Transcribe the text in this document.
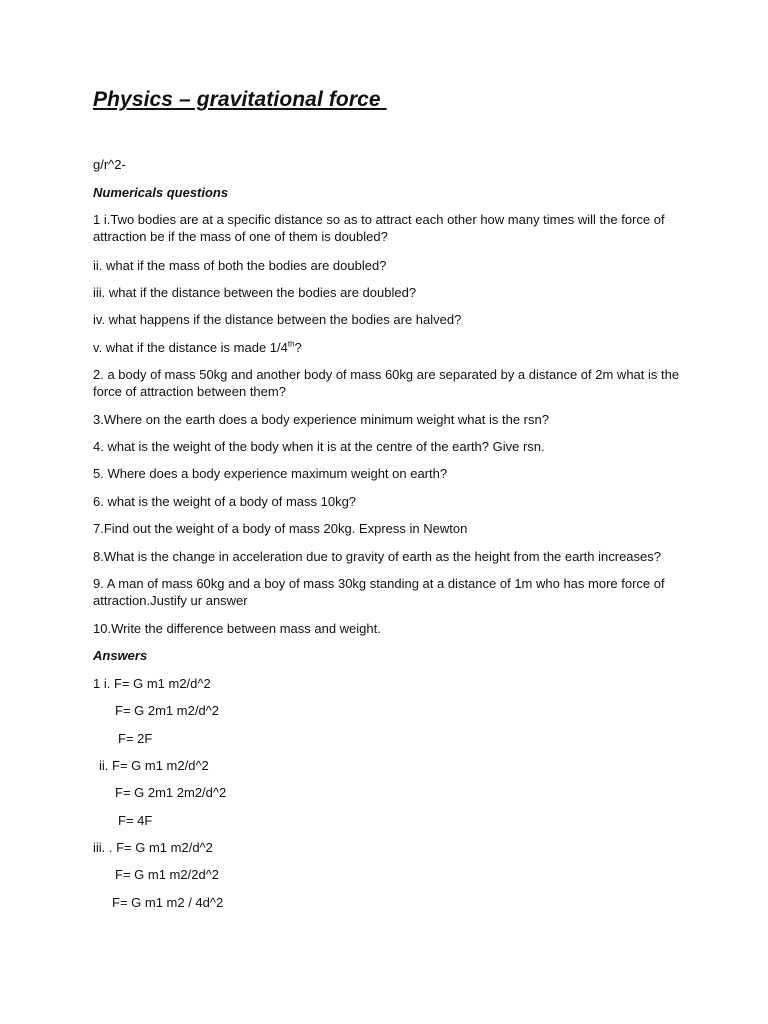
Physics – gravitational force
g/r^2-
Numericals questions
1 i.Two bodies are at a specific distance so as to attract each other how many times will the force of attraction be if the mass of one of them is doubled?
ii. what if the mass of both the bodies are doubled?
iii. what if the distance between the bodies are doubled?
iv. what happens if the distance between the bodies are halved?
v. what if the distance is made 1/4th?
2. a body of mass 50kg and another body of mass 60kg are separated by a distance of 2m what is the force of attraction between them?
3.Where on the earth does a body experience minimum weight what is the rsn?
4. what is the weight of the body when it is at the centre of the earth? Give rsn.
5. Where does a body experience maximum weight on earth?
6. what is the weight of a body of mass 10kg?
7.Find out the weight of a body of mass 20kg. Express in Newton
8.What is the change in acceleration due to gravity of earth as the height from the earth increases?
9. A man of mass 60kg and a boy of mass 30kg standing at a distance of 1m who has more force of attraction.Justify ur answer
10.Write the difference between mass and weight.
Answers
1 i. F= G m1 m2/d^2
F= G 2m1 m2/d^2
F= 2F
ii. F= G m1 m2/d^2
F= G 2m1 2m2/d^2
F= 4F
iii. . F= G m1 m2/d^2
F= G m1 m2/2d^2
F= G m1 m2 / 4d^2
